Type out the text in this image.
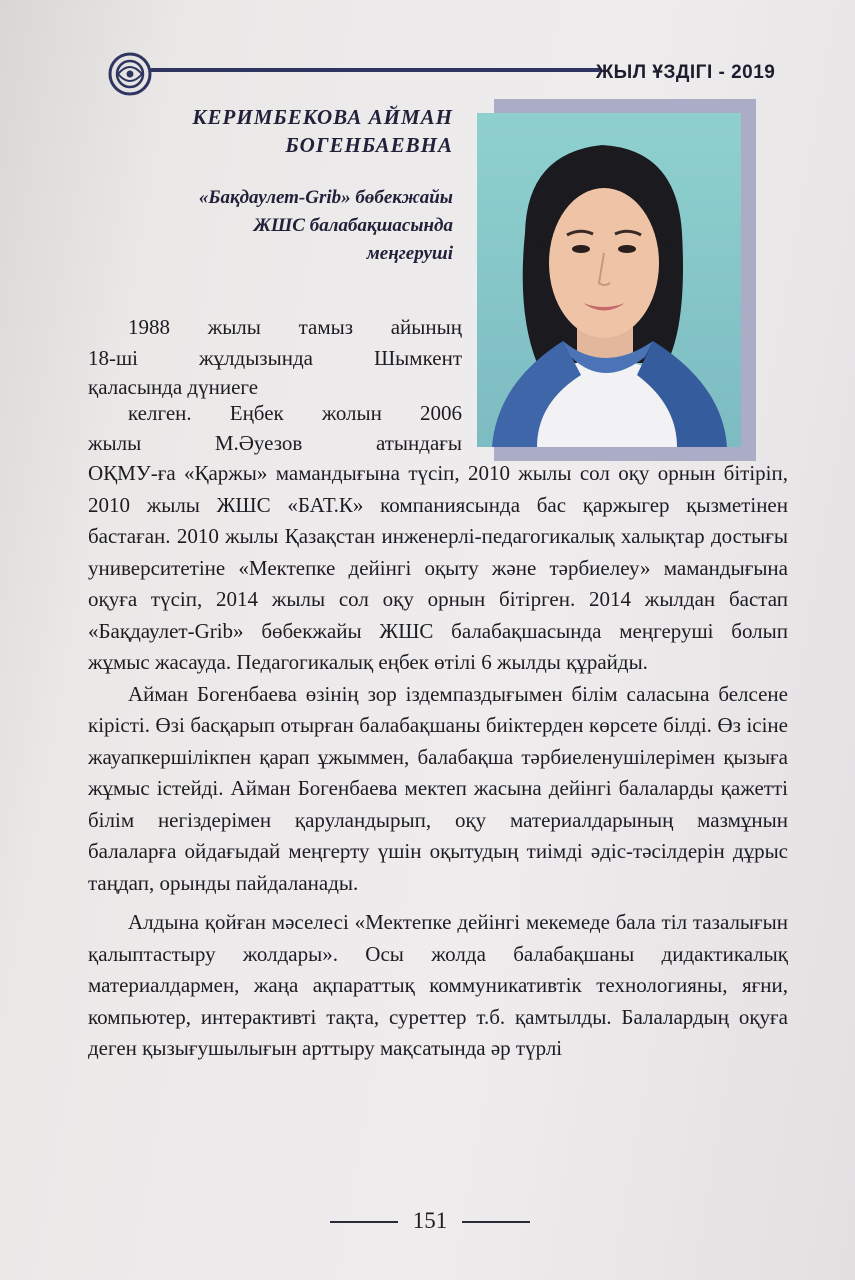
ЖЫЛ ҰЗДІГІ - 2019
КЕРИМБЕКОВА АЙМАН
БОГЕНБАЕВНА
«Бақдаулет-Grib» бөбекжайы
ЖШС балабақшасында
меңгеруші
1988 жылы тамыз айының
18-ші жұлдызында Шымкент
қаласында дүниеге
келген. Еңбек жолын 2006
жылы М.Әуезов атындағы

ОҚМУ-ға «Қаржы» мамандығына түсіп, 2010 жылы сол оқу орнын бітіріп, 2010 жылы ЖШС «БАТ.К» компаниясында бас қаржыгер қызметінен бастаған. 2010 жылы Қазақстан инженерлі-педагогикалық халықтар достығы университетіне «Мектепке дейінгі оқыту және тәрбиелеу» мамандығына оқуға түсіп, 2014 жылы сол оқу орнын бітірген. 2014 жылдан бастап «Бақдаулет-Grib» бөбекжайы ЖШС балабақшасында меңгеруші болып жұмыс жасауда. Педагогикалық еңбек өтілі 6 жылды құрайды.

Айман Богенбаева өзінің зор іздемпаздығымен білім саласына белсене кірісті. Өзі басқарып отырған балабақшаны биіктерден көрсете білді. Өз ісіне жауапкершілікпен қарап ұжыммен, балабақша тәрбиеленушілерімен қызыға жұмыс істейді. Айман Богенбаева мектеп жасына дейінгі балаларды қажетті білім негіздерімен қаруландырып, оқу материалдарының мазмұнын балаларға ойдағыдай меңгерту үшін оқытудың тиімді әдіс-тәсілдерін дұрыс таңдап, орынды пайдаланады.

Алдына қойған мәселесі «Мектепке дейінгі мекемеде бала тіл тазалығын қалыптастыру жолдары». Осы жолда балабақшаны дидактикалық материалдармен, жаңа ақпараттық коммуникативтік технологияны, яғни, компьютер, интерактивті тақта, суреттер т.б. қамтылды. Балалардың оқуға деген қызығушылығын арттыру мақсатында әр түрлі

151
